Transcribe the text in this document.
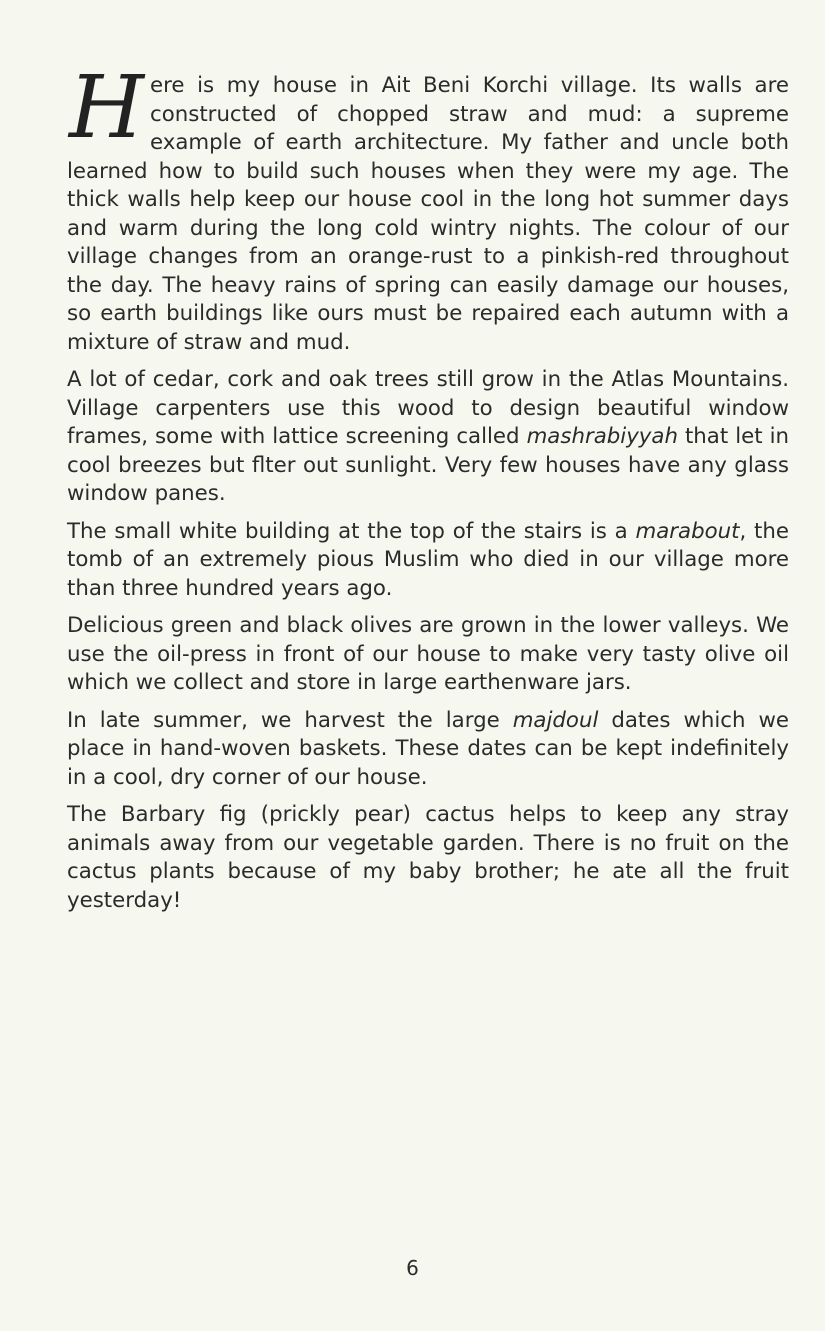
Here is my house in Ait Beni Korchi village. Its walls are constructed of chopped straw and mud: a supreme example of earth architecture. My father and uncle both learned how to build such houses when they were my age. The thick walls help keep our house cool in the long hot summer days and warm during the long cold wintry nights. The colour of our village changes from an orange-rust to a pinkish-red throughout the day. The heavy rains of spring can easily damage our houses, so earth buildings like ours must be repaired each autumn with a mixture of straw and mud.

A lot of cedar, cork and oak trees still grow in the Atlas Mountains. Village carpenters use this wood to design beautiful window frames, some with lattice screening called mashrabiyyah that let in cool breezes but flter out sunlight. Very few houses have any glass window panes.

The small white building at the top of the stairs is a marabout, the tomb of an extremely pious Muslim who died in our village more than three hundred years ago.

Delicious green and black olives are grown in the lower valleys. We use the oil-press in front of our house to make very tasty olive oil which we collect and store in large earthenware jars.

In late summer, we harvest the large majdoul dates which we place in hand-woven baskets. These dates can be kept indefinitely in a cool, dry corner of our house.

The Barbary fig (prickly pear) cactus helps to keep any stray animals away from our vegetable garden. There is no fruit on the cactus plants because of my baby brother; he ate all the fruit yesterday!

6
